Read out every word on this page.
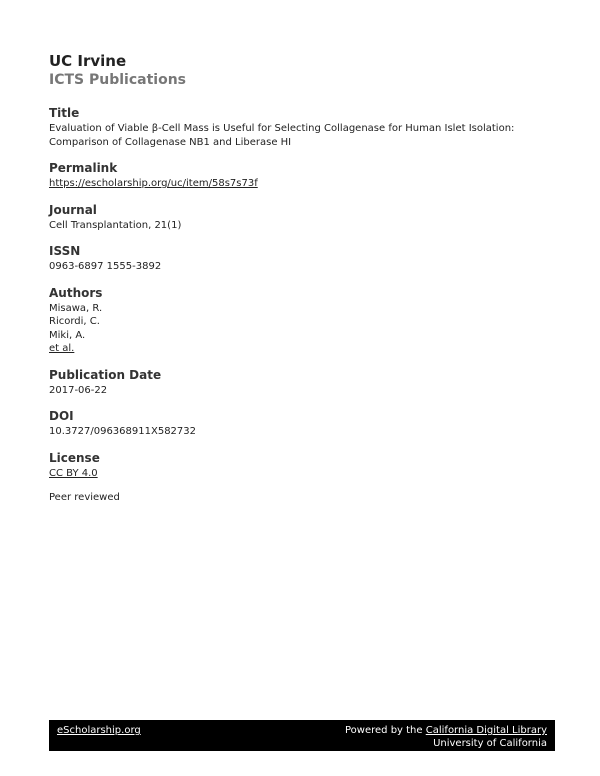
UC Irvine

ICTS Publications

Title

Evaluation of Viable β-Cell Mass is Useful for Selecting Collagenase for Human Islet Isolation:

Comparison of Collagenase NB1 and Liberase HI

Permalink

https://escholarship.org/uc/item/58s7s73f

Journal

Cell Transplantation, 21(1)

ISSN

0963-6897 1555-3892

Authors

Misawa, R.

Ricordi, C.

Miki, A.

et al.

Publication Date

2017-06-22

DOI

10.3727/096368911X582732

License

CC BY 4.0

Peer reviewed

eScholarship.org	Powered by the California Digital Library
University of California
